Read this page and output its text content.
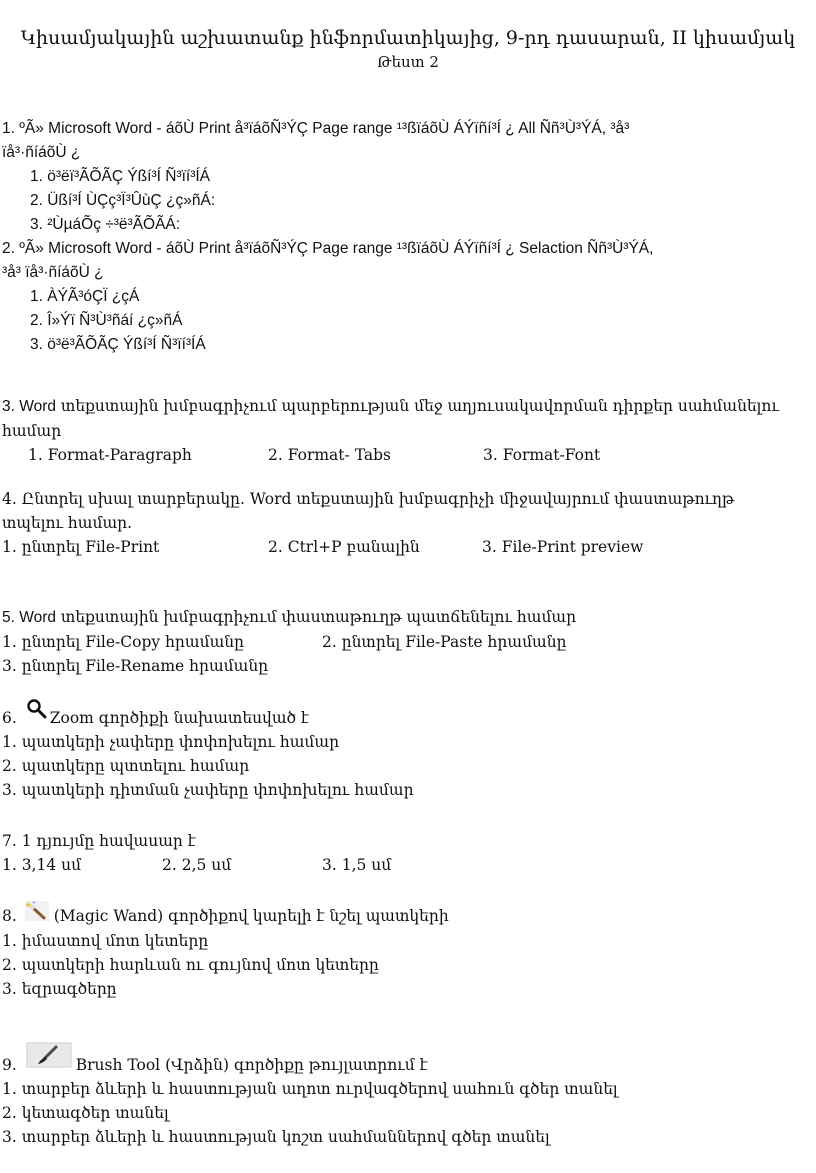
Կիսամյակային աշխատանք ինֆորմատիկայից, 9-րդ դասարան, II կիսամյակ
Թեստ 2
1. ºÃ» Microsoft Word - áõÙ Print å³ïáõÑ³ÝÇ Page range ¹³ßïáõÙ ÁÝïñí³Í ¿ All Ññ³Ù³ÝÁ, ³å³
ïå³·ñíáõÙ ¿
1. ö³ëï³ÃÕÃÇ Ýßí³Í Ñ³ïí³ÍÁ
2. Üßí³Í ÙÇç³Ï³ÛùÇ ¿ç»ñÁ:
3. ²ÙµáÕç ÷³ë³ÃÕÃÁ:
2. ºÃ» Microsoft Word - áõÙ Print å³ïáõÑ³ÝÇ Page range ¹³ßïáõÙ ÁÝïñí³Í ¿ Selaction Ññ³Ù³ÝÁ,
³å³ ïå³·ñíáõÙ ¿
1. ÀÝÃ³óÇÏ ¿çÁ
2. Î»Ýï Ñ³Ù³ñáí ¿ç»ñÁ
3. ö³ë³ÃÕÃÇ Ýßí³Í Ñ³ïí³ÍÁ
3. Word տեքստային խմբագրիչում պարբերության մեջ աղյուսակավորման դիրքեր սահմանելու
համար
1. Format-Paragraph	2. Format- Tabs	3. Format-Font
4. Ընտրել սխալ տարբերակը. Word տեքստային խմբագրիչի միջավայրում փաստաթուղթ
տպելու համար.
1. ընտրել File-Print	2. Ctrl+P բանալին	3. File-Print preview
5. Word տեքստային խմբագրիչում փաստաթուղթ պատճենելու համար
1. ընտրել File-Copy հրամանը	2. ընտրել File-Paste հրամանը
3. ընտրել File-Rename հրամանը
6. Zoom գործիքի նախատեսված է
1. պատկերի չափերը փոփոխելու համար
2. պատկերը պտտելու համար
3. պատկերի դիտման չափերը փոփոխելու համար
7. 1 դյույմը հավասար է
1. 3,14 սմ	2. 2,5 սմ	3. 1,5 սմ
8. (Magic Wand) գործիքով կարելի է նշել պատկերի
1. իմաստով մոտ կետերը
2. պատկերի հարևան ու գույնով մոտ կետերը
3. եզրագծերը
9.	Brush Tool (Վրձին) գործիքը թույլատրում է
1. տարբեր ձևերի և հաստության աղոտ ուրվագծերով սահուն գծեր տանել
2. կետագծեր տանել
3. տարբեր ձևերի և հաստության կոշտ սահմաններով գծեր տանել
